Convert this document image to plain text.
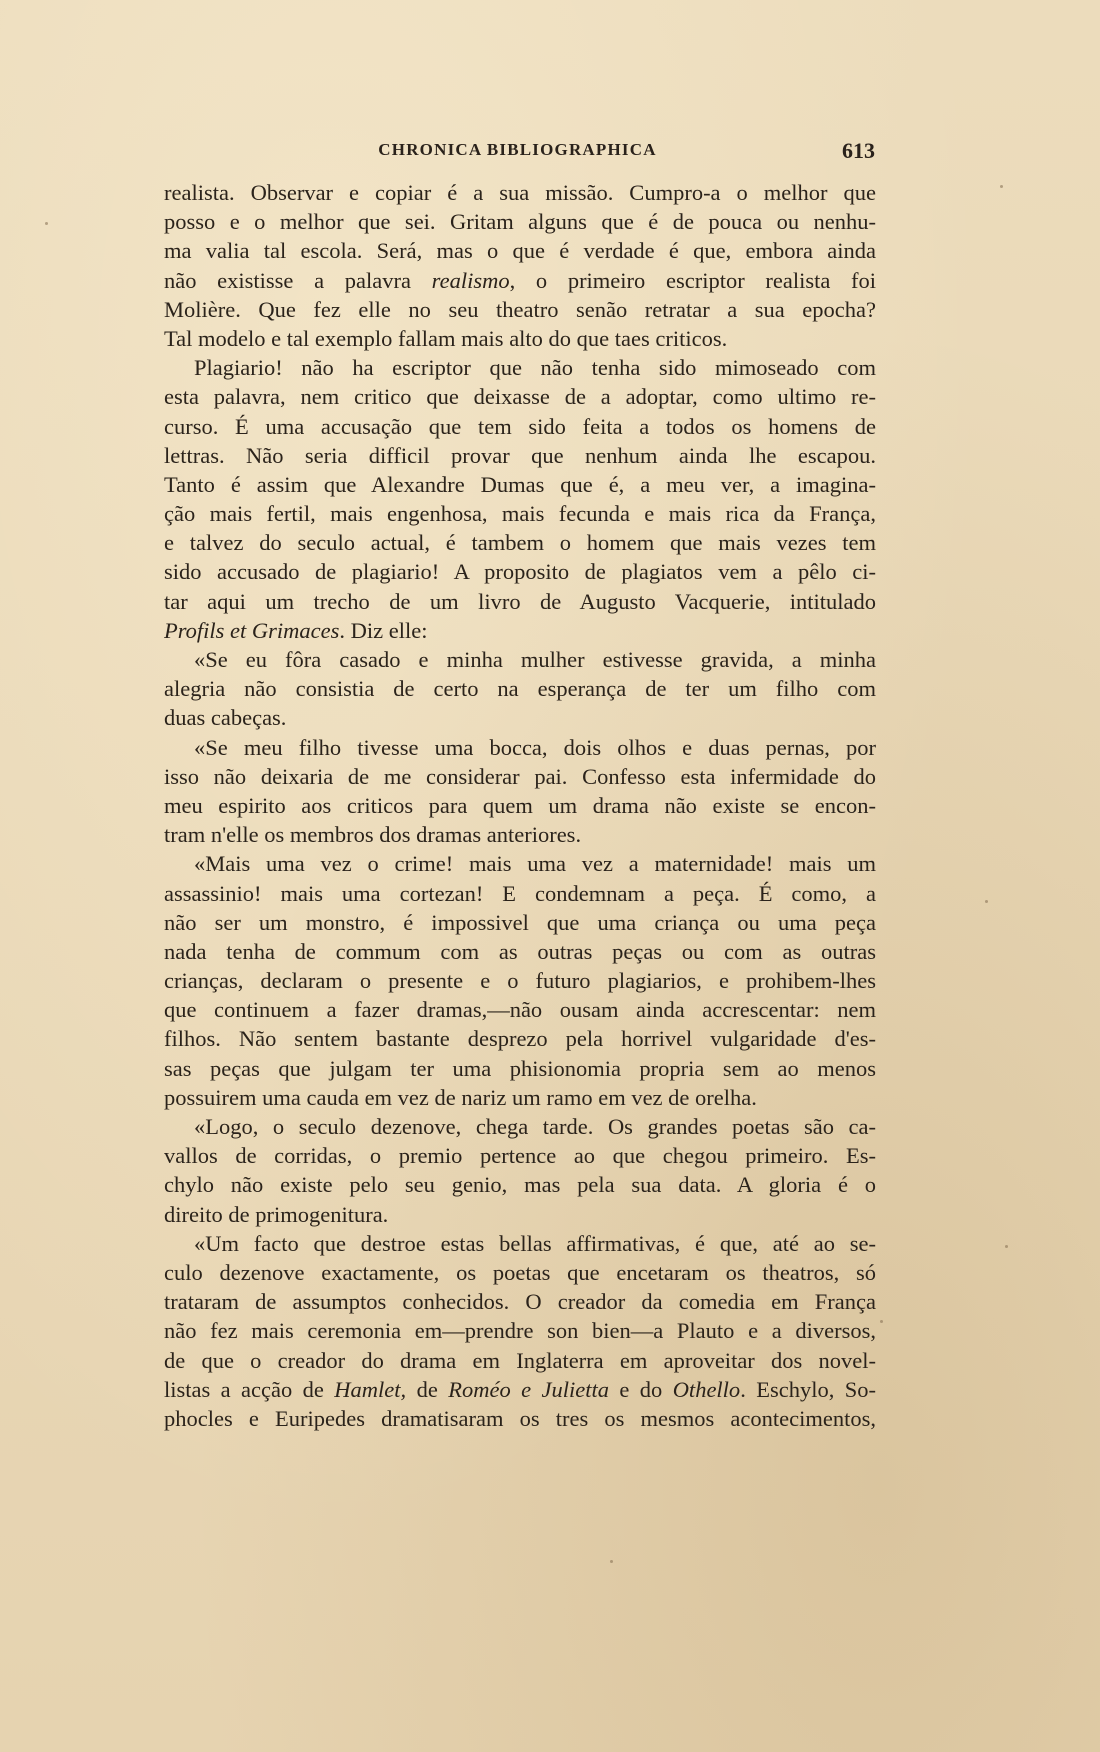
CHRONICA BIBLIOGRAPHICA	613
realista. Observar e copiar é a sua missão. Cumpro-a o melhor que
posso e o melhor que sei. Gritam alguns que é de pouca ou nenhu-
ma valia tal escola. Será, mas o que é verdade é que, embora ainda
não existisse a palavra realismo, o primeiro escriptor realista foi
Molière. Que fez elle no seu theatro senão retratar a sua epocha?
Tal modelo e tal exemplo fallam mais alto do que taes criticos.
Plagiario! não ha escriptor que não tenha sido mimoseado com
esta palavra, nem critico que deixasse de a adoptar, como ultimo re-
curso. É uma accusação que tem sido feita a todos os homens de
lettras. Não seria difficil provar que nenhum ainda lhe escapou.
Tanto é assim que Alexandre Dumas que é, a meu ver, a imagina-
ção mais fertil, mais engenhosa, mais fecunda e mais rica da França,
e talvez do seculo actual, é tambem o homem que mais vezes tem
sido accusado de plagiario! A proposito de plagiatos vem a pêlo ci-
tar aqui um trecho de um livro de Augusto Vacquerie, intitulado
Profils et Grimaces. Diz elle:
«Se eu fôra casado e minha mulher estivesse gravida, a minha
alegria não consistia de certo na esperança de ter um filho com
duas cabeças.
«Se meu filho tivesse uma bocca, dois olhos e duas pernas, por
isso não deixaria de me considerar pai. Confesso esta infermidade do
meu espirito aos criticos para quem um drama não existe se encon-
tram n'elle os membros dos dramas anteriores.
«Mais uma vez o crime! mais uma vez a maternidade! mais um
assassinio! mais uma cortezan! E condemnam a peça. É como, a
não ser um monstro, é impossivel que uma criança ou uma peça
nada tenha de commum com as outras peças ou com as outras
crianças, declaram o presente e o futuro plagiarios, e prohibem-lhes
que continuem a fazer dramas,—não ousam ainda accrescentar: nem
filhos. Não sentem bastante desprezo pela horrivel vulgaridade d'es-
sas peças que julgam ter uma phisionomia propria sem ao menos
possuirem uma cauda em vez de nariz um ramo em vez de orelha.
«Logo, o seculo dezenove, chega tarde. Os grandes poetas são ca-
vallos de corridas, o premio pertence ao que chegou primeiro. Es-
chylo não existe pelo seu genio, mas pela sua data. A gloria é o
direito de primogenitura.
«Um facto que destroe estas bellas affirmativas, é que, até ao se-
culo dezenove exactamente, os poetas que encetaram os theatros, só
trataram de assumptos conhecidos. O creador da comedia em França
não fez mais ceremonia em—prendre son bien—a Plauto e a diversos,
de que o creador do drama em Inglaterra em aproveitar dos novel-
listas a acção de Hamlet, de Roméo e Julietta e do Othello. Eschylo, So-
phocles e Euripedes dramatisaram os tres os mesmos acontecimentos,
